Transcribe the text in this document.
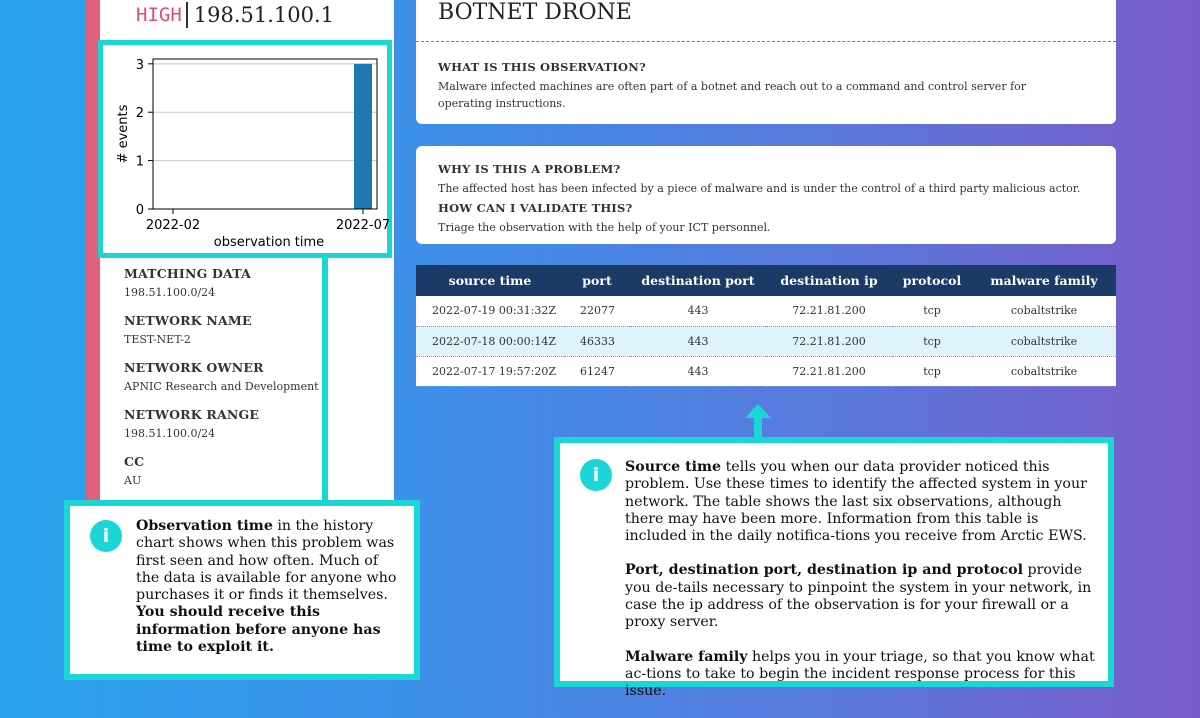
HIGH 198.51.100.1
0
1
2
3
2022-02	2022-07
observation time
# events
MATCHING DATA
198.51.100.0/24
NETWORK NAME
TEST-NET-2
NETWORK OWNER
APNIC Research and Development
NETWORK RANGE
198.51.100.0/24
CC
AU
BOTNET DRONE
WHAT IS THIS OBSERVATION?

Malware infected machines are often part of a botnet and reach out to a command and control server for operating instructions.

WHY IS THIS A PROBLEM?

The affected host has been infected by a piece of malware and is under the control of a third party malicious actor.

HOW CAN I VALIDATE THIS?

Triage the observation with the help of your ICT personnel.

source time	port	destination port	destination ip	protocol	malware family
2022-07-19 00:31:32Z	22077	443	72.21.81.200	tcp	cobaltstrike
2022-07-18 00:00:14Z	46333	443	72.21.81.200	tcp	cobaltstrike
2022-07-17 19:57:20Z	61247	443	72.21.81.200	tcp	cobaltstrike
i	Observation time in the history chart shows when this problem was first seen and how often. Much of the data is available for anyone who purchases it or finds it themselves. You should receive this information before anyone has time to exploit it.
i	Source time tells you when our data provider noticed this problem. Use these times to identify the affected system in your network. The table shows the last six observations, although there may have been more. Information from this table is included in the daily notifica-tions you receive from Arctic EWS.

Port, destination port, destination ip and protocol provide you de-tails necessary to pinpoint the system in your network, in case the ip address of the observation is for your firewall or a proxy server.

Malware family helps you in your triage, so that you know what ac-tions to take to begin the incident response process for this issue.
